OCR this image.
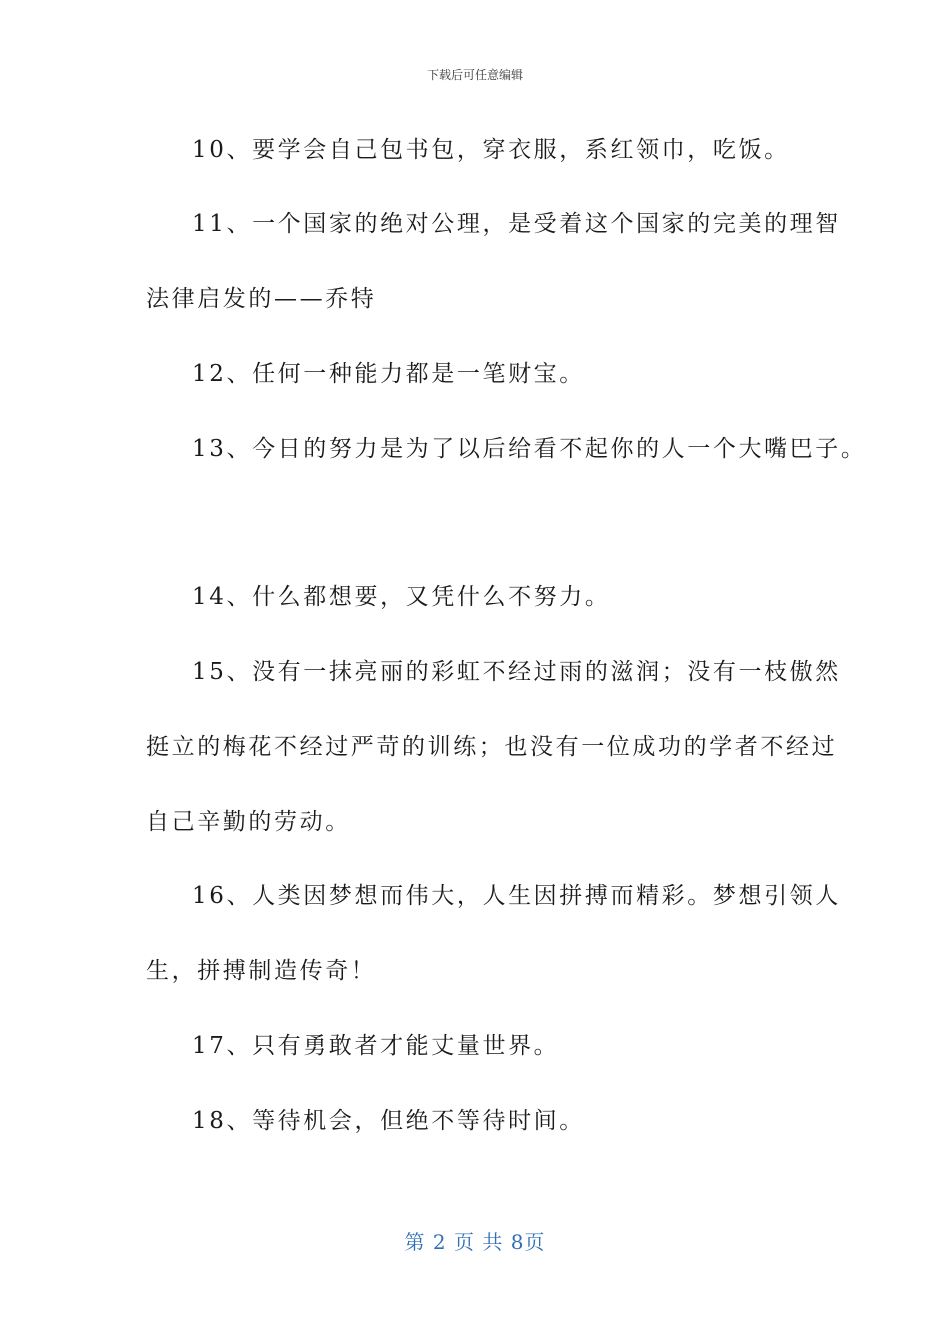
下载后可任意编辑
10、要学会自己包书包，穿衣服，系红领巾，吃饭。
11、一个国家的绝对公理，是受着这个国家的完美的理智
法律启发的——乔特
12、任何一种能力都是一笔财宝。
13、今日的努力是为了以后给看不起你的人一个大嘴巴子。
14、什么都想要，又凭什么不努力。
15、没有一抹亮丽的彩虹不经过雨的滋润；没有一枝傲然
挺立的梅花不经过严苛的训练；也没有一位成功的学者不经过
自己辛勤的劳动。
16、人类因梦想而伟大，人生因拼搏而精彩。梦想引领人
生，拼搏制造传奇！
17、只有勇敢者才能丈量世界。
18、等待机会，但绝不等待时间。
第 2 页 共 8页
